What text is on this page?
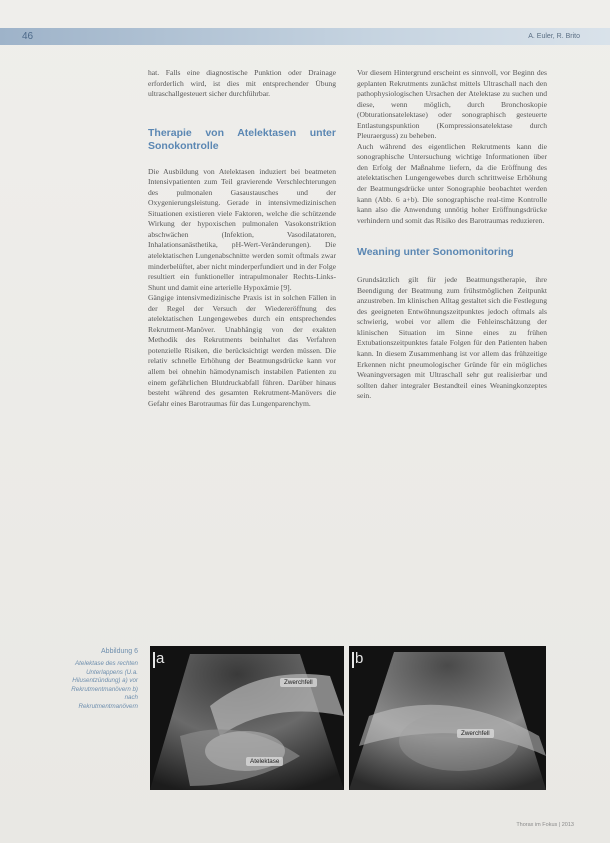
46	A. Euler, R. Brito

hat. Falls eine diagnostische Punktion oder Drainage erforderlich wird, ist dies mit entsprechender Übung ultraschallgesteuert sicher durchführbar.

Therapie von Atelektasen unter Sonokontrolle

Die Ausbildung von Atelektasen induziert bei beatmeten Intensivpatienten zum Teil gravierende Verschlechterungen des pulmonalen Gasaustausches und der Oxygenierungsleistung. Gerade in intensivmedizinischen Situationen existieren viele Faktoren, welche die schützende Wirkung der hypoxischen pulmonalen Vasokonstriktion abschwächen (Infektion, Vasodilatatoren, Inhalationsanästhetika, pH-Wert-Veränderungen). Die atelektatischen Lungenabschnitte werden somit oftmals zwar minderbelüftet, aber nicht minderperfundiert und in der Folge resultiert ein funktioneller intrapulmonaler Rechts-Links-Shunt und damit eine arterielle Hypoxämie [9].

Gängige intensivmedizinische Praxis ist in solchen Fällen in der Regel der Versuch der Wiedereröffnung des atelektatischen Lungengewebes durch ein entsprechendes Rekrutment-Manöver. Unabhängig von der exakten Methodik des Rekrutments beinhaltet das Verfahren potenzielle Risiken, die berücksichtigt werden müssen. Die relativ schnelle Erhöhung der Beatmungsdrücke kann vor allem bei ohnehin hämodynamisch instabilen Patienten zu einem gefährlichen Blutdruckabfall führen. Darüber hinaus besteht während des gesamten Rekrutment-Manövers die Gefahr eines Barotraumas für das Lungenparenchym.

Vor diesem Hintergrund erscheint es sinnvoll, vor Beginn des geplanten Rekrutments zunächst mittels Ultraschall nach den pathophysiologischen Ursachen der Atelektase zu suchen und diese, wenn möglich, durch Bronchoskopie (Obturationsatelektase) oder sonographisch gesteuerte Entlastungspunktion (Kompressionsatelektase durch Pleuraerguss) zu beheben.

Auch während des eigentlichen Rekrutments kann die sonographische Untersuchung wichtige Informationen über den Erfolg der Maßnahme liefern, da die Eröffnung des atelektatischen Lungengewebes durch schrittweise Erhöhung der Beatmungsdrücke unter Sonographie beobachtet werden kann (Abb. 6 a+b). Die sonographische real-time Kontrolle kann also die Anwendung unnötig hoher Eröffnungsdrücke verhindern und somit das Risiko des Barotraumas reduzieren.

Weaning unter Sonomonitoring

Grundsätzlich gilt für jede Beatmungstherapie, ihre Beendigung der Beatmung zum frühstmöglichen Zeitpunkt anzustreben. Im klinischen Alltag gestaltet sich die Festlegung des geeigneten Entwöhnungszeitpunktes jedoch oftmals als schwierig, wobei vor allem die Fehleinschätzung der klinischen Situation im Sinne eines zu frühen Extubationszeitpunktes fatale Folgen für den Patienten haben kann. In diesem Zusammenhang ist vor allem das frühzeitige Erkennen nicht pneumologischer Gründe für ein mögliches Weaningversagen mit Ultraschall sehr gut realisierbar und sollten daher integraler Bestandteil eines Weaningkonzeptes sein.

Abbildung 6
Atelektase des rechten Unterlappens (U.a. Hilusentzündung) a) vor Rekrutmentmanövern b) nach Rekrutmentmanövern
a
Zwerchfell
Atelektase
b
Zwerchfell
Thorax im Fokus | 2013
